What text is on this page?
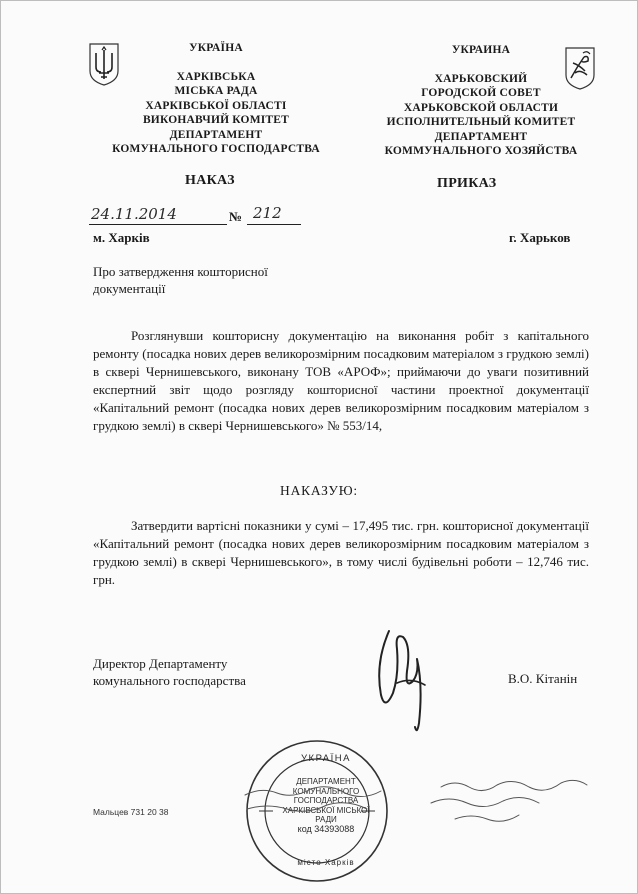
УКРАЇНА
ХАРКІВСЬКА
МІСЬКА РАДА
ХАРКІВСЬКОЇ ОБЛАСТІ
ВИКОНАВЧИЙ КОМІТЕТ
ДЕПАРТАМЕНТ
КОМУНАЛЬНОГО ГОСПОДАРСТВА
УКРАИНА
ХАРЬКОВСКИЙ
ГОРОДСКОЙ СОВЕТ
ХАРЬКОВСКОЙ ОБЛАСТИ
ИСПОЛНИТЕЛЬНЫЙ КОМИТЕТ
ДЕПАРТАМЕНТ
КОММУНАЛЬНОГО ХОЗЯЙСТВА
НАКАЗ	ПРИКАЗ
24.11.2014	№ 212
м. Харків	г. Харьков
Про затвердження кошторисної документації
Розглянувши кошторисну документацію на виконання робіт з капітального ремонту (посадка нових дерев великорозмірним посадковим матеріалом з грудкою землі) в сквері Чернишевського, виконану ТОВ «АРОФ»; приймаючи до уваги позитивний експертний звіт щодо розгляду кошторисної частини проектної документації «Капітальний ремонт (посадка нових дерев великорозмірним посадковим матеріалом з грудкою землі) в сквері Чернишевського» № 553/14,
НАКАЗУЮ:
Затвердити вартісні показники у сумі – 17,495 тис. грн. кошторисної документації «Капітальний ремонт (посадка нових дерев великорозмірним посадковим матеріалом з грудкою землі) в сквері Чернишевського», в тому числі будівельні роботи – 12,746 тис. грн.
Директор Департаменту комунального господарства	В.О. Кітанін
УКРАЇНА
ДЕПАРТАМЕНТ КОМУНАЛЬНОГО ГОСПОДАРСТВА ХАРКІВСЬКОЇ МІСЬКОЇ РАДИ
код 34393088
місто Харків
Мальцев 731 20 38
